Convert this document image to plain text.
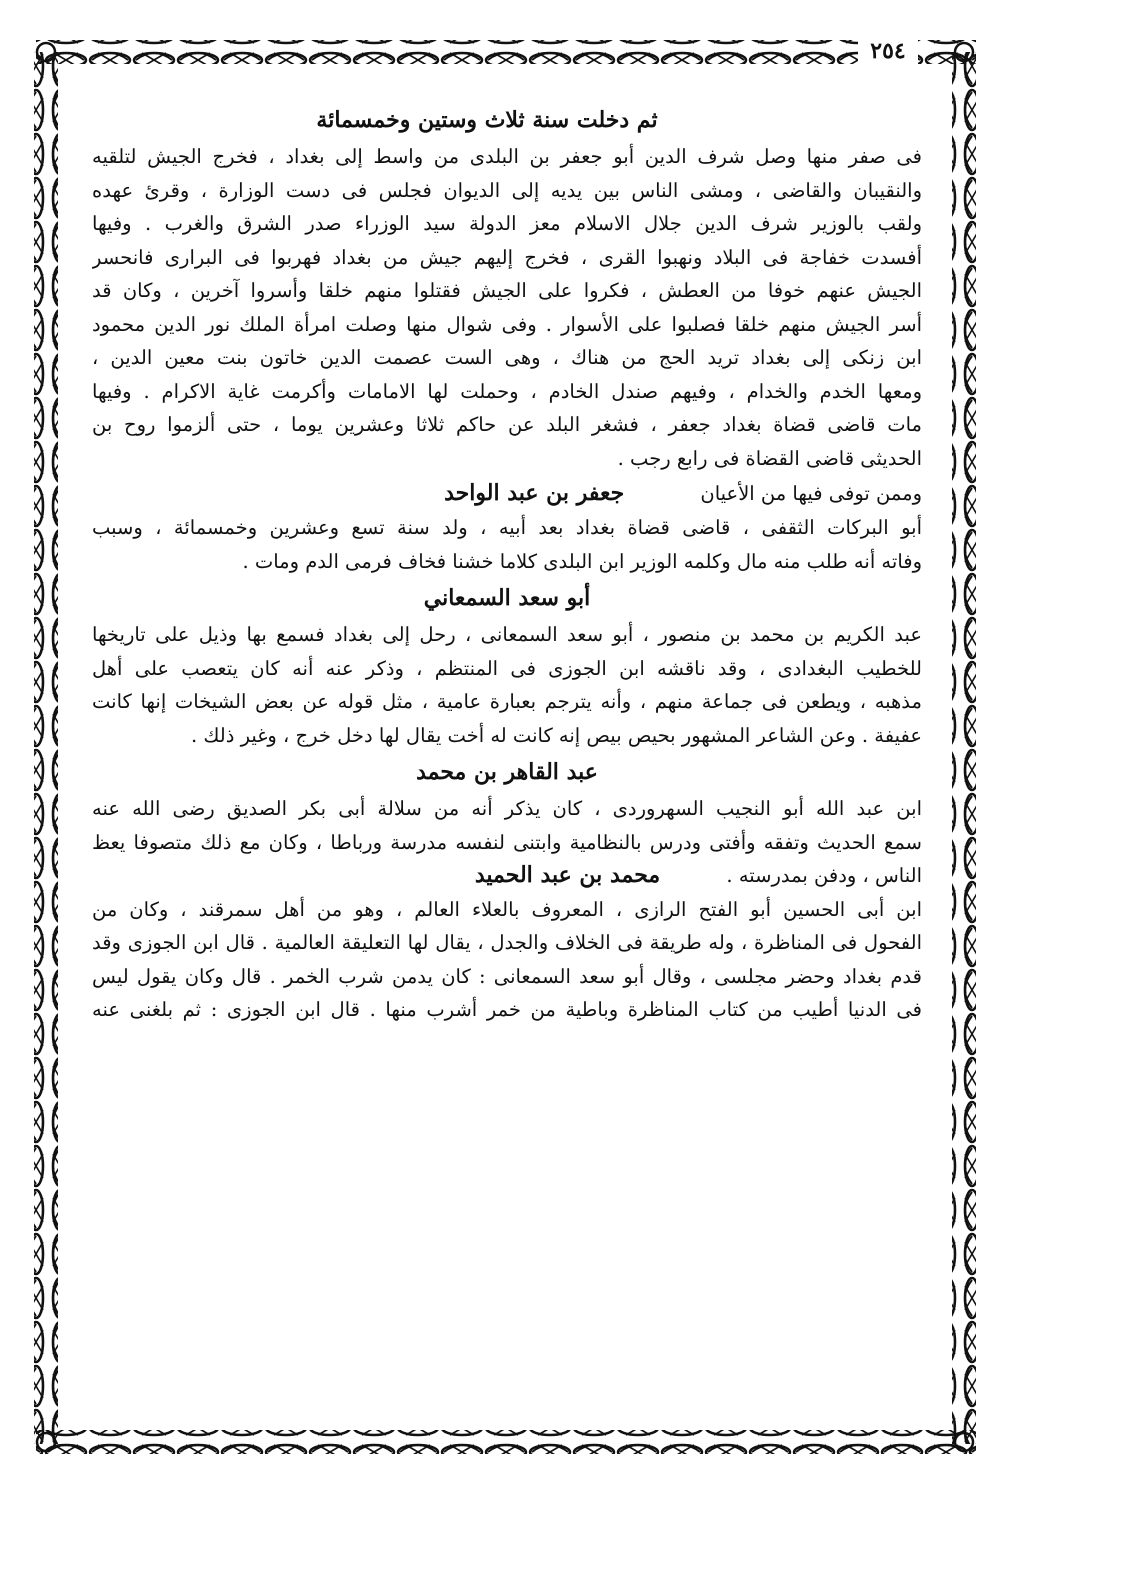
٢٥٤
ثم دخلت سنة ثلاث وستين وخمسمائة
فى صفر منها وصل شرف الدين أبو جعفر بن البلدى من واسط إلى بغداد ، فخرج الجيش لتلقيه
والنقيبان والقاضى ، ومشى الناس بين يديه إلى الديوان فجلس فى دست الوزارة ، وقرئ عهده
ولقب بالوزير شرف الدين جلال الاسلام معز الدولة سيد الوزراء صدر الشرق والغرب . وفيها
أفسدت خفاجة فى البلاد ونهبوا القرى ، فخرج إليهم جيش من بغداد فهربوا فى البرارى فانحسر
الجيش عنهم خوفا من العطش ، فكروا على الجيش فقتلوا منهم خلقا وأسروا آخرين ، وكان قد
أسر الجيش منهم خلقا فصلبوا على الأسوار . وفى شوال منها وصلت امرأة الملك نور الدين محمود
ابن زنكى إلى بغداد تريد الحج من هناك ، وهى الست عصمت الدين خاتون بنت معين الدين ،
ومعها الخدم والخدام ، وفيهم صندل الخادم ، وحملت لها الامامات وأكرمت غاية الاكرام . وفيها
مات قاضى قضاة بغداد جعفر ، فشغر البلد عن حاكم ثلاثا وعشرين يوما ، حتى ألزموا روح بن
الحديثى قاضى القضاة فى رابع رجب .
وممن توفى فيها من الأعيان جعفر بن عبد الواحد
أبو البركات الثقفى ، قاضى قضاة بغداد بعد أبيه ، ولد سنة تسع وعشرين وخمسمائة ، وسبب
وفاته أنه طلب منه مال وكلمه الوزير ابن البلدى كلاما خشنا فخاف فرمى الدم ومات .
أبو سعد السمعاني
عبد الكريم بن محمد بن منصور ، أبو سعد السمعانى ، رحل إلى بغداد فسمع بها وذيل على تاريخها
للخطيب البغدادى ، وقد ناقشه ابن الجوزى فى المنتظم ، وذكر عنه أنه كان يتعصب على أهل
مذهبه ، ويطعن فى جماعة منهم ، وأنه يترجم بعبارة عامية ، مثل قوله عن بعض الشيخات إنها كانت
عفيفة . وعن الشاعر المشهور بحيص بيص إنه كانت له أخت يقال لها دخل خرج ، وغير ذلك .
عبد القاهر بن محمد
ابن عبد الله أبو النجيب السهروردى ، كان يذكر أنه من سلالة أبى بكر الصديق رضى الله عنه
سمع الحديث وتفقه وأفتى ودرس بالنظامية وابتنى لنفسه مدرسة ورباطا ، وكان مع ذلك متصوفا يعظ
الناس ، ودفن بمدرسته . محمد بن عبد الحميد
ابن أبى الحسين أبو الفتح الرازى ، المعروف بالعلاء العالم ، وهو من أهل سمرقند ، وكان من
الفحول فى المناظرة ، وله طريقة فى الخلاف والجدل ، يقال لها التعليقة العالمية . قال ابن الجوزى وقد
قدم بغداد وحضر مجلسى ، وقال أبو سعد السمعانى : كان يدمن شرب الخمر . قال وكان يقول ليس
فى الدنيا أطيب من كتاب المناظرة وباطية من خمر أشرب منها . قال ابن الجوزى : ثم بلغنى عنه
